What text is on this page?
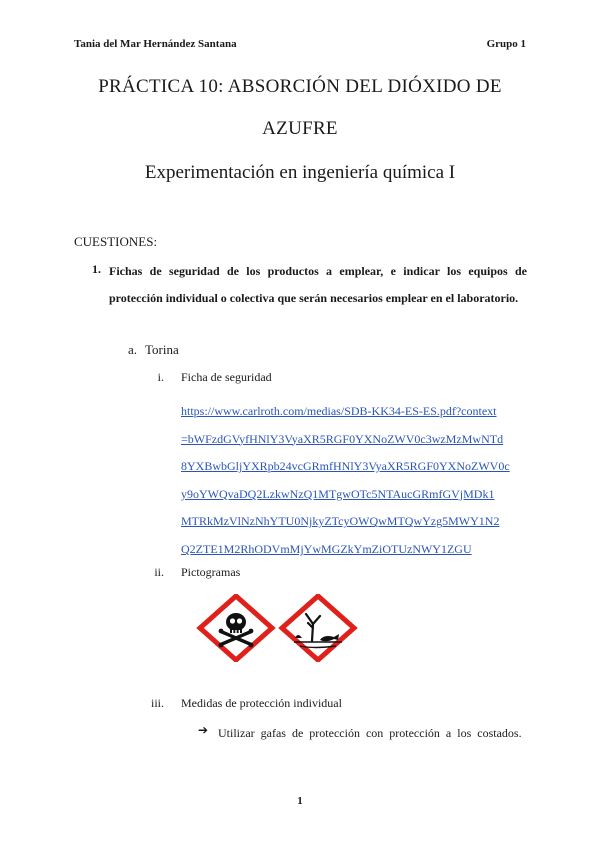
Tania del Mar Hernández Santana	Grupo 1
PRÁCTICA 10: ABSORCIÓN DEL DIÓXIDO DE
AZUFRE
Experimentación en ingeniería química I
CUESTIONES:
1. Fichas de seguridad de los productos a emplear, e indicar los equipos de protección individual o colectiva que serán necesarios emplear en el laboratorio.
a. Torina
i. Ficha de seguridad
https://www.carlroth.com/medias/SDB-KK34-ES-ES.pdf?context
=bWFzdGVyfHNlY3VyaXR5RGF0YXNoZWV0c3wzMzMwNTd
8YXBwbGljYXRpb24vcGRmfHNlY3VyaXR5RGF0YXNoZWV0c
y9oYWQvaDQ2LzkwNzQ1MTgwOTc5NTAucGRmfGVjMDk1
MTRkMzVlNzNhYTU0NjkyZTcyOWQwMTQwYzg5MWY1N2
Q2ZTE1M2RhODVmMjYwMGZkYmZiOTUzNWY1ZGU
ii. Pictogramas
iii. Medidas de protección individual
➔ Utilizar gafas de protección con protección a los costados.
1
